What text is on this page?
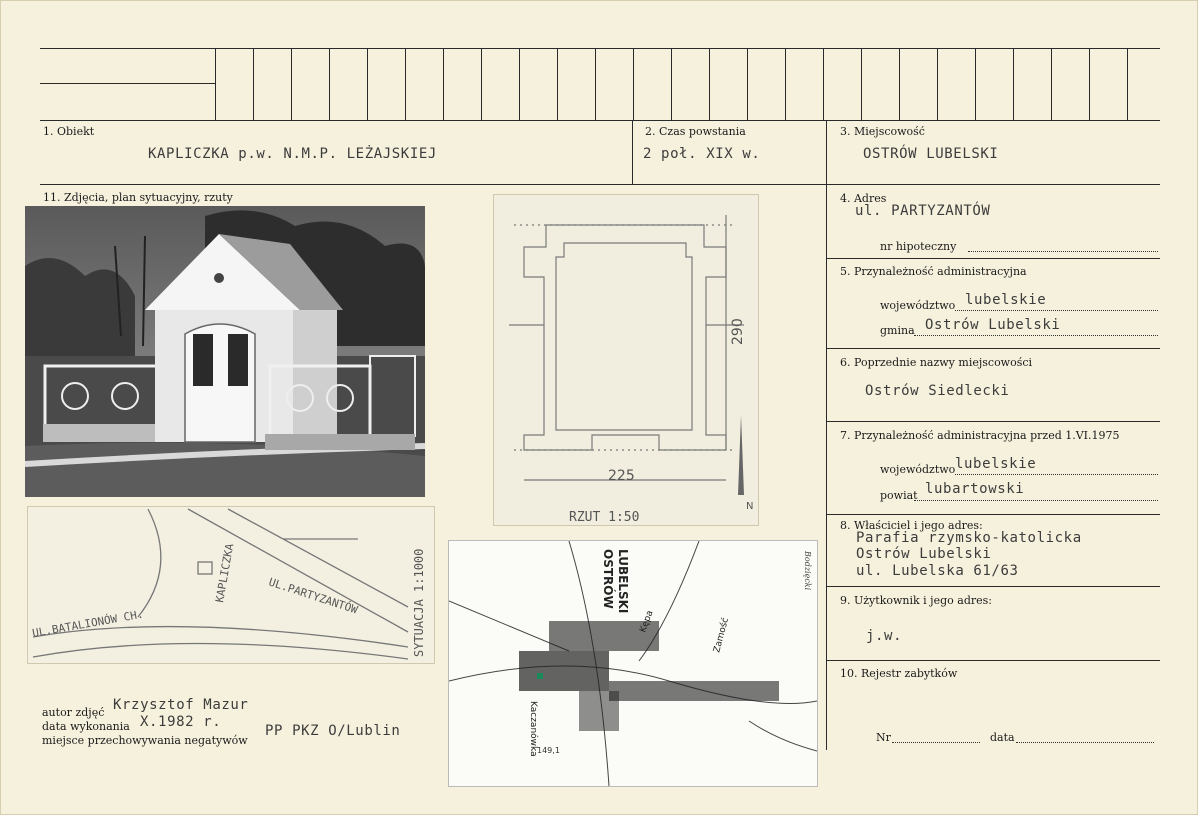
1. Obiekt
KAPLICZKA p.w. N.M.P. LEŻAJSKIEJ
2. Czas powstania
2 poł. XIX w.
3. Miejscowość
OSTRÓW LUBELSKI
11. Zdjęcia, plan sytuacyjny, rzuty	4. Adres
ul. PARTYZANTÓW
nr hipoteczny
5. Przynależność administracyjna
województwo lubelskie
gmina Ostrów Lubelski
6. Poprzednie nazwy miejscowości
Ostrów Siedlecki
7. Przynależność administracyjna przed 1.VI.1975
województwo lubelskie
powiat lubartowski
8. Właściciel i jego adres:
Parafia rzymsko-katolicka
Ostrów Lubelski
ul. Lubelska 61/63
9. Użytkownik i jego adres:
j.w.
10. Rejestr zabytków
Nr	data
290
225
RZUT 1:50
N
KAPLICZKA	UL.PARTYZANTÓW
UL.BATALIONÓW CH.	SYTUACJA 1:1000	OSTRÓW LUBELSKI
Kaczanówka
Kępa	Zamość
Bodzięcki
149,1
autor zdjęć Krzysztof Mazur
data wykonania X.1982 r.
miejsce przechowywania negatywów
PP PKZ O/Lublin
